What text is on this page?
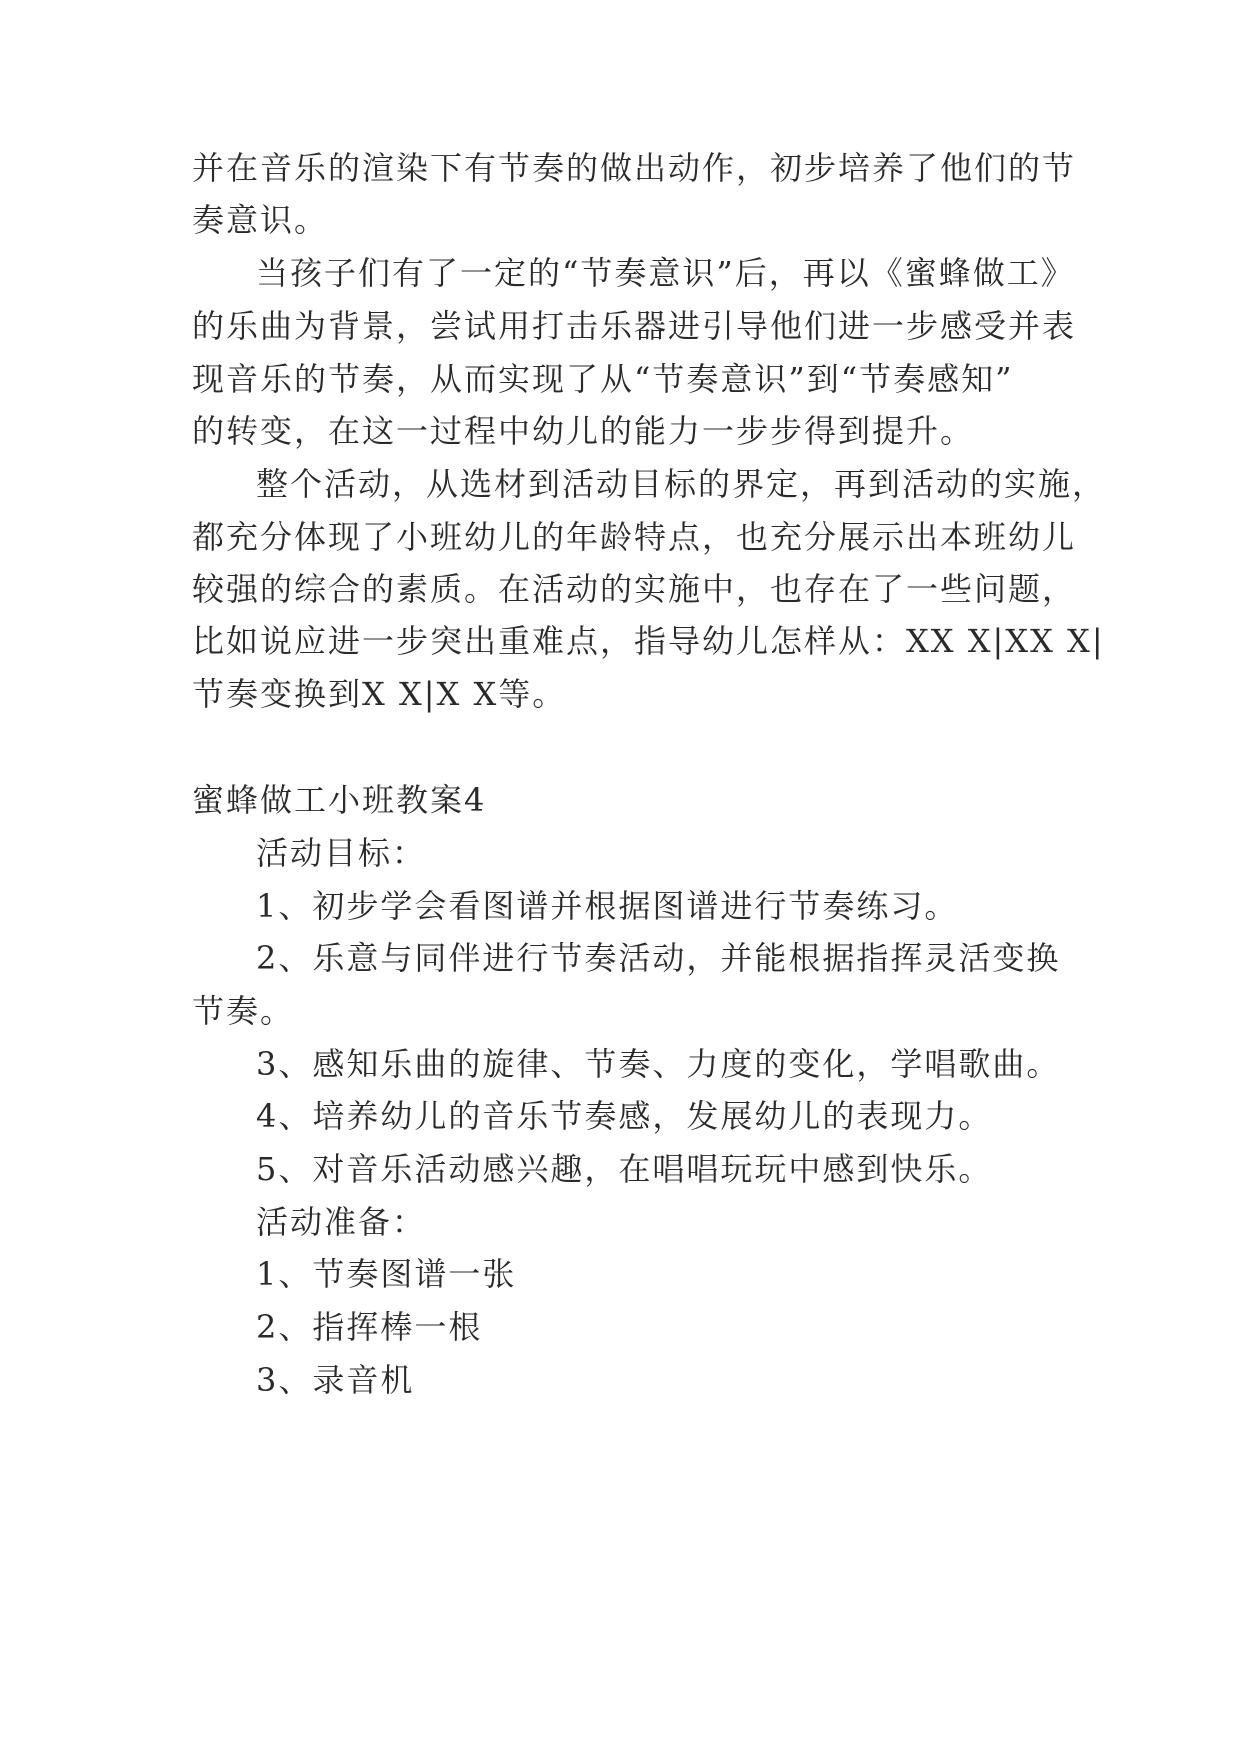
并在音乐的渲染下有节奏的做出动作，初步培养了他们的节
奏意识。
当孩子们有了一定的“节奏意识”后，再以《蜜蜂做工》
的乐曲为背景，尝试用打击乐器进引导他们进一步感受并表
现音乐的节奏，从而实现了从“节奏意识”到“节奏感知”
的转变，在这一过程中幼儿的能力一步步得到提升。
整个活动，从选材到活动目标的界定，再到活动的实施，
都充分体现了小班幼儿的年龄特点，也充分展示出本班幼儿
较强的综合的素质。在活动的实施中，也存在了一些问题，
比如说应进一步突出重难点，指导幼儿怎样从：XX X|XX X|
节奏变换到X X|X X等。
蜜蜂做工小班教案4
活动目标：
1、初步学会看图谱并根据图谱进行节奏练习。
2、乐意与同伴进行节奏活动，并能根据指挥灵活变换
节奏。
3、感知乐曲的旋律、节奏、力度的变化，学唱歌曲。
4、培养幼儿的音乐节奏感，发展幼儿的表现力。
5、对音乐活动感兴趣，在唱唱玩玩中感到快乐。
活动准备：
1、节奏图谱一张
2、指挥棒一根
3、录音机
